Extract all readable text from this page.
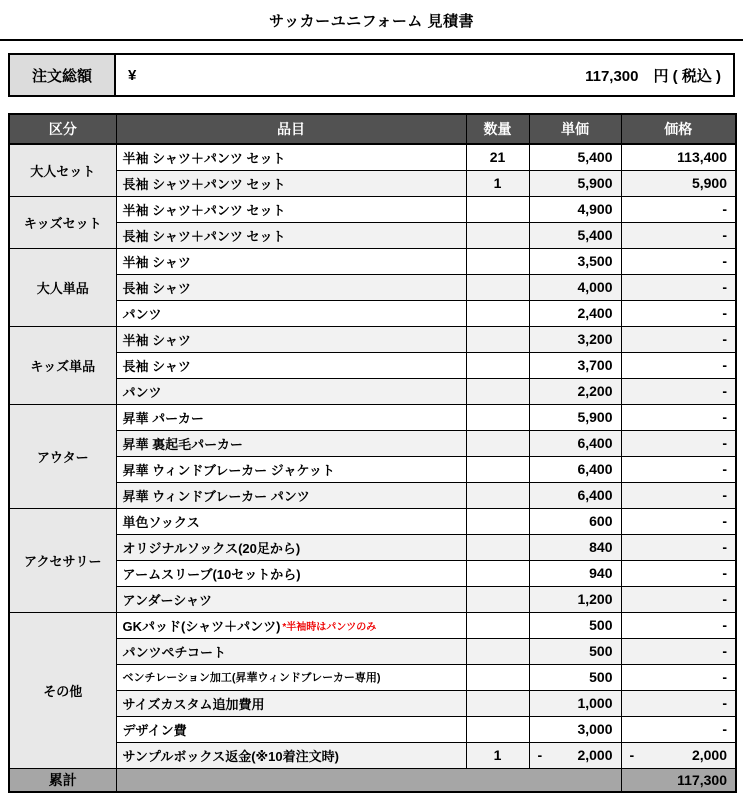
サッカーユニフォーム 見積書
注文総額	¥	117,300 円 ( 税込 )
区分	品目	数量	単価	価格
大人セット	半袖 シャツ＋パンツ セット	21	5,400	113,400
	長袖 シャツ＋パンツ セット	1	5,900	5,900
キッズセット	半袖 シャツ＋パンツ セット		4,900	-
	長袖 シャツ＋パンツ セット		5,400	-
大人単品	半袖 シャツ		3,500	-
	長袖 シャツ		4,000	-
	パンツ		2,400	-
キッズ単品	半袖 シャツ		3,200	-
	長袖 シャツ		3,700	-
	パンツ		2,200	-
アウター	昇華 パーカー		5,900	-
	昇華 裏起毛パーカー		6,400	-
	昇華 ウィンドブレーカー ジャケット		6,400	-
	昇華 ウィンドブレーカー パンツ		6,400	-
アクセサリー	単色ソックス		600	-
	オリジナルソックス(20足から)		840	-
	アームスリーブ(10セットから)		940	-
	アンダーシャツ		1,200	-
その他	GKパッド(シャツ＋パンツ) *半袖時はパンツのみ		500	-
	パンツペチコート		500	-
	ベンチレーション加工(昇華ウィンドブレーカー専用)		500	-
	サイズカスタム追加費用		1,000	-
	デザイン費		3,000	-
	サンプルボックス返金(※10着注文時)	1	- 2,000	- 2,000

累計				117,300
